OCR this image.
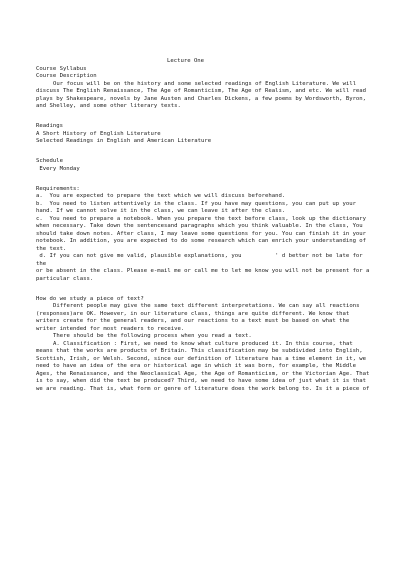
Lecture One
Course Syllabus
Course Description
Our focus will be on the history and some selected readings of English Literature. We will
discuss The English Renaissance, The Age of Romanticism, The Age of Realism, and etc. We will read
plays by Shakespeare, novels by Jane Austen and Charles Dickens, a few poems by Wordsworth, Byron,
and Shelley, and some other literary texts.
Readings
A Short History of English Literature
Selected Readings in English and American Literature
Schedule
Every Monday
Requirements:
a.  You are expected to prepare the text which we will discuss beforehand.
b.  You need to listen attentively in the class. If you have may questions, you can put up your
hand. If we cannot solve it in the class, we can leave it after the class.
c.  You need to prepare a notebook. When you prepare the text before class, look up the dictionary
when necessary. Take down the sentencesand paragraphs which you think valuable. In the class, You
should take down notes. After class, I may leave some questions for you. You can finish it in your
notebook. In addition, you are expected to do some research which can enrich your understanding of
the text.
d. If you can not give me valid, plausible explanations, you          ' d better not be late for
the
or be absent in the class. Please e-mail me or call me to let me know you will not be present for a
particular class.
How do we study a piece of text?
Different people may give the same text different interpretations. We can say all reactions
(responses)are OK. However, in our literature class, things are quite different. We know that
writers create for the general readers, and our reactions to a text must be based on what the
writer intended for most readers to receive.
There should be the following process when you read a text.
A. Classification : First, we need to know what culture produced it. In this course, that
means that the works are products of Britain. This classification may be subdivided into English,
Scottish, Irish, or Welsh. Second, since our definition of literature has a time element in it, we
need to have an idea of the era or historical age in which it was born, for example, the Middle
Ages, the Renaissance, and the Neoclassical Age, the Age of Romanticism, or the Victorian Age. That
is to say, when did the text be produced? Third, we need to have some idea of just what it is that
we are reading. That is, what form or genre of literature does the work belong to. Is it a piece of
